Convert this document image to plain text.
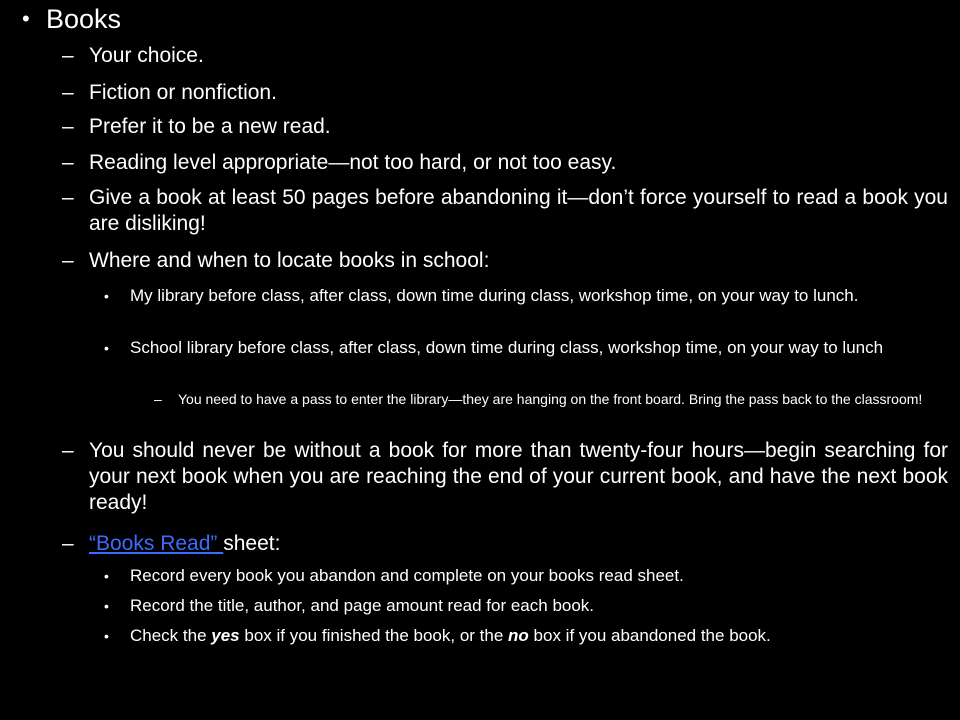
• Books
– Your choice.
– Fiction or nonfiction.
– Prefer it to be a new read.
– Reading level appropriate—not too hard, or not too easy.
– Give a book at least 50 pages before abandoning it—don’t force yourself to read a book you are disliking!
– Where and when to locate books in school:
•	My library before class, after class, down time during class, workshop time, on your way to lunch.
•	School library before class, after class, down time during class, workshop time, on your way to lunch
–	You need to have a pass to enter the library—they are hanging on the front board. Bring the pass back to the classroom!
– You should never be without a book for more than twenty-four hours—begin searching for your next book when you are reaching the end of your current book, and have the next book ready!
– “Books Read” sheet:
•	Record every book you abandon and complete on your books read sheet.
•	Record the title, author, and page amount read for each book.
•	Check the yes box if you finished the book, or the no box if you abandoned the book.
